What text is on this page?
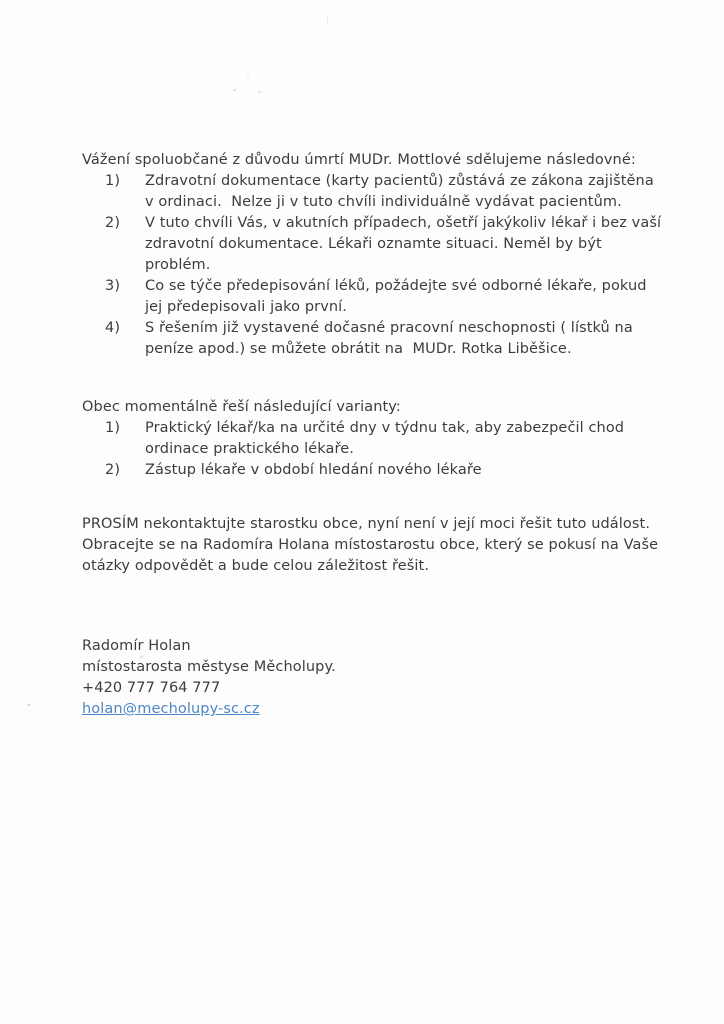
Vážení spoluobčané z důvodu úmrtí MUDr. Mottlové sdělujeme následovné:

1)	Zdravotní dokumentace (karty pacientů) zůstává ze zákona zajištěna v ordinaci.  Nelze ji v tuto chvíli individuálně vydávat pacientům.
2)	V tuto chvíli Vás, v akutních případech, ošetří jakýkoliv lékař i bez vaší zdravotní dokumentace. Lékaři oznamte situaci. Neměl by být problém.
3)	Co se týče předepisování léků, požádejte své odborné lékaře, pokud jej předepisovali jako první.
4)	S řešením již vystavené dočasné pracovní neschopnosti ( lístků na peníze apod.) se můžete obrátit na  MUDr. Rotka Liběšice.

Obec momentálně řeší následující varianty:

1)	Praktický lékař/ka na určité dny v týdnu tak, aby zabezpečil chod ordinace praktického lékaře.
2)	Zástup lékaře v období hledání nového lékaře

PROSÍM nekontaktujte starostku obce, nyní není v její moci řešit tuto událost. Obracejte se na Radomíra Holana místostarostu obce, který se pokusí na Vaše otázky odpovědět a bude celou záležitost řešit.

Radomír Holan

místostarosta městyse Měcholupy.

+420 777 764 777

holan@mecholupy-sc.cz
